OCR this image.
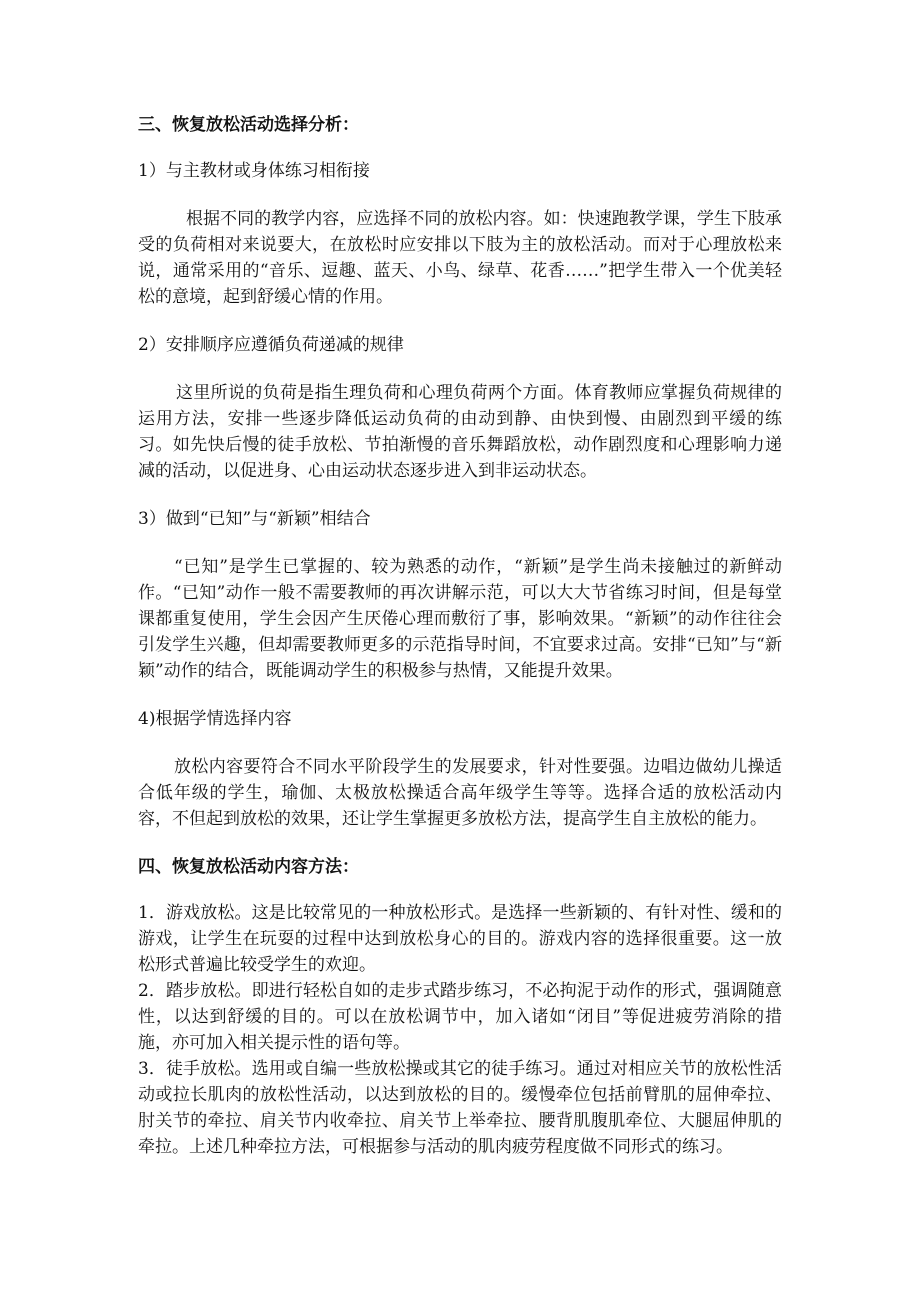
三、恢复放松活动选择分析：
1）与主教材或身体练习相衔接

根据不同的教学内容，应选择不同的放松内容。如：快速跑教学课，学生下肢承受的负荷相对来说要大，在放松时应安排以下肢为主的放松活动。而对于心理放松来说，通常采用的“音乐、逗趣、蓝天、小鸟、绿草、花香……”把学生带入一个优美轻松的意境，起到舒缓心情的作用。

2）安排顺序应遵循负荷递减的规律

这里所说的负荷是指生理负荷和心理负荷两个方面。体育教师应掌握负荷规律的运用方法，安排一些逐步降低运动负荷的由动到静、由快到慢、由剧烈到平缓的练习。如先快后慢的徒手放松、节拍渐慢的音乐舞蹈放松，动作剧烈度和心理影响力递减的活动，以促进身、心由运动状态逐步进入到非运动状态。

3）做到“已知”与“新颖”相结合

“已知”是学生已掌握的、较为熟悉的动作，“新颖”是学生尚未接触过的新鲜动作。“已知”动作一般不需要教师的再次讲解示范，可以大大节省练习时间，但是每堂课都重复使用，学生会因产生厌倦心理而敷衍了事，影响效果。“新颖”的动作往往会引发学生兴趣，但却需要教师更多的示范指导时间，不宜要求过高。安排“已知”与“新颖”动作的结合，既能调动学生的积极参与热情，又能提升效果。

4)根据学情选择内容

放松内容要符合不同水平阶段学生的发展要求，针对性要强。边唱边做幼儿操适合低年级的学生，瑜伽、太极放松操适合高年级学生等等。选择合适的放松活动内容，不但起到放松的效果，还让学生掌握更多放松方法，提高学生自主放松的能力。

四、恢复放松活动内容方法：

1．游戏放松。这是比较常见的一种放松形式。是选择一些新颖的、有针对性、缓和的游戏，让学生在玩耍的过程中达到放松身心的目的。游戏内容的选择很重要。这一放松形式普遍比较受学生的欢迎。

2．踏步放松。即进行轻松自如的走步式踏步练习，不必拘泥于动作的形式，强调随意性，以达到舒缓的目的。可以在放松调节中，加入诸如“闭目”等促进疲劳消除的措施，亦可加入相关提示性的语句等。

3．徒手放松。选用或自编一些放松操或其它的徒手练习。通过对相应关节的放松性活动或拉长肌肉的放松性活动，以达到放松的目的。缓慢牵位包括前臂肌的屈伸牵拉、肘关节的牵拉、肩关节内收牵拉、肩关节上举牵拉、腰背肌腹肌牵位、大腿屈伸肌的牵拉。上述几种牵拉方法，可根据参与活动的肌肉疲劳程度做不同形式的练习。
